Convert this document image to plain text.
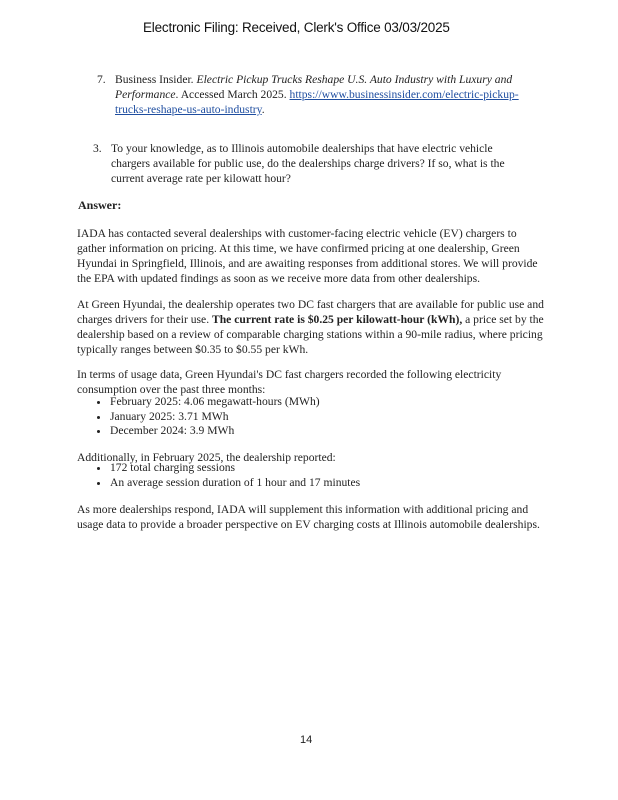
Electronic Filing: Received, Clerk's Office 03/03/2025
7. Business Insider. Electric Pickup Trucks Reshape U.S. Auto Industry with Luxury and Performance. Accessed March 2025. https://www.businessinsider.com/electric-pickup-trucks-reshape-us-auto-industry.
3. To your knowledge, as to Illinois automobile dealerships that have electric vehicle chargers available for public use, do the dealerships charge drivers? If so, what is the current average rate per kilowatt hour?
Answer:
IADA has contacted several dealerships with customer-facing electric vehicle (EV) chargers to gather information on pricing. At this time, we have confirmed pricing at one dealership, Green Hyundai in Springfield, Illinois, and are awaiting responses from additional stores. We will provide the EPA with updated findings as soon as we receive more data from other dealerships.
At Green Hyundai, the dealership operates two DC fast chargers that are available for public use and charges drivers for their use. The current rate is $0.25 per kilowatt-hour (kWh), a price set by the dealership based on a review of comparable charging stations within a 90-mile radius, where pricing typically ranges between $0.35 to $0.55 per kWh.
In terms of usage data, Green Hyundai's DC fast chargers recorded the following electricity consumption over the past three months:
• February 2025: 4.06 megawatt-hours (MWh)
• January 2025: 3.71 MWh
• December 2024: 3.9 MWh
Additionally, in February 2025, the dealership reported:
• 172 total charging sessions
• An average session duration of 1 hour and 17 minutes
As more dealerships respond, IADA will supplement this information with additional pricing and usage data to provide a broader perspective on EV charging costs at Illinois automobile dealerships.
14
